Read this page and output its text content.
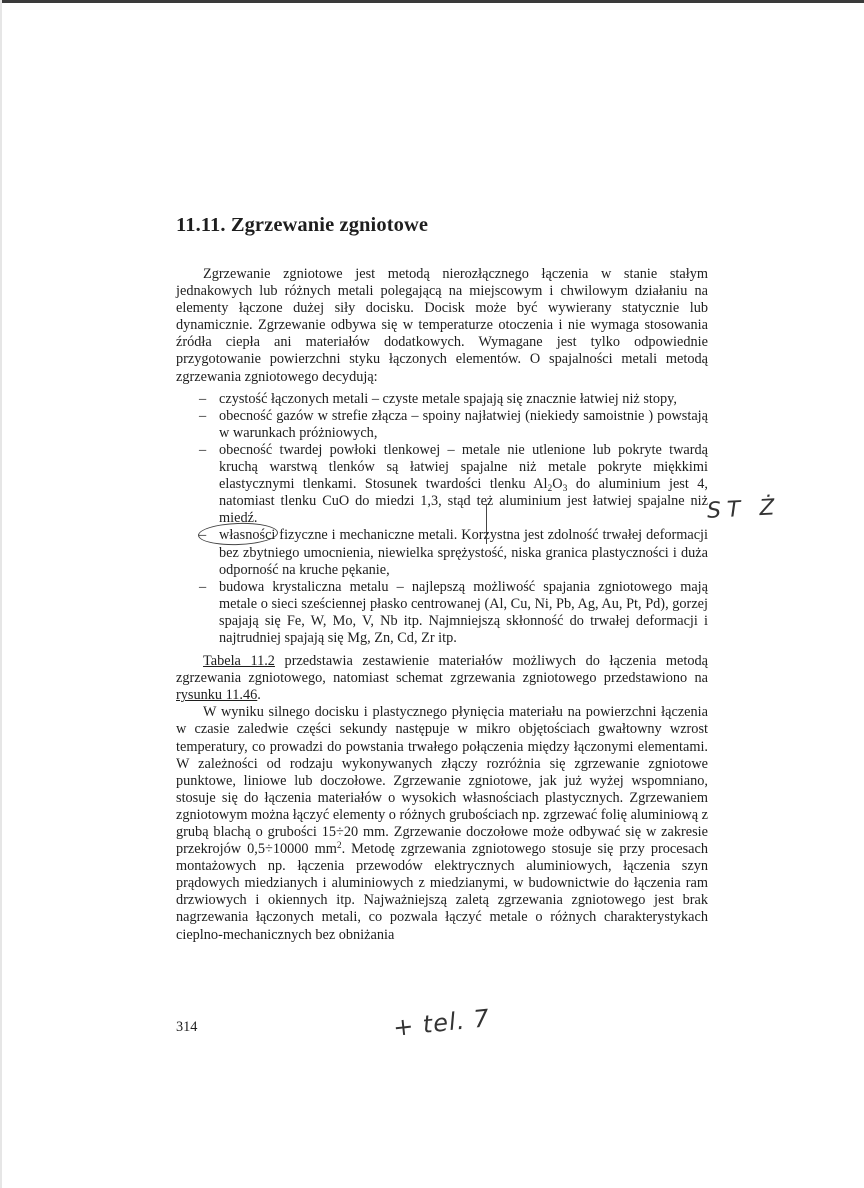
11.11. Zgrzewanie zgniotowe

Zgrzewanie zgniotowe jest metodą nierozłącznego łączenia w stanie stałym jednakowych lub różnych metali polegającą na miejscowym i chwilowym działaniu na elementy łączone dużej siły docisku. Docisk może być wywierany statycznie lub dynamicznie. Zgrzewanie odbywa się w temperaturze otoczenia i nie wymaga stosowania źródła ciepła ani materiałów dodatkowych. Wymagane jest tylko odpowiednie przygotowanie powierzchni styku łączonych elementów. O spajalności metali metodą zgrzewania zgniotowego decydują:

– czystość łączonych metali – czyste metale spajają się znacznie łatwiej niż stopy,
– obecność gazów w strefie złącza – spoiny najłatwiej (niekiedy samoistnie ) powstają w warunkach próżniowych,
– obecność twardej powłoki tlenkowej – metale nie utlenione lub pokryte twardą kruchą warstwą tlenków są łatwiej spajalne niż metale pokryte miękkimi elastycznymi tlenkami. Stosunek twardości tlenku $Al_2O_3$ do aluminium jest 4, natomiast tlenku CuO do miedzi 1,3, stąd też aluminium jest łatwiej spajalne niż miedź.
– własności fizyczne i mechaniczne metali. Korzystna jest zdolność trwałej deformacji bez zbytniego umocnienia, niewielka sprężystość, niska granica plastyczności i duża odporność na kruche pękanie,
– budowa krystaliczna metalu – najlepszą możliwość spajania zgniotowego mają metale o sieci sześciennej płasko centrowanej (Al, Cu, Ni, Pb, Ag, Au, Pt, Pd), gorzej spajają się Fe, W, Mo, V, Nb itp. Najmniejszą skłonność do trwałej deformacji i najtrudniej spajają się Mg, Zn, Cd, Zr itp.

Tabela 11.2 przedstawia zestawienie materiałów możliwych do łączenia metodą zgrzewania zgniotowego, natomiast schemat zgrzewania zgniotowego przedstawiono na rysunku 11.46.

W wyniku silnego docisku i plastycznego płynięcia materiału na powierzchni łączenia w czasie zaledwie części sekundy następuje w mikro objętościach gwałtowny wzrost temperatury, co prowadzi do powstania trwałego połączenia między łączonymi elementami. W zależności od rodzaju wykonywanych złączy rozróżnia się zgrzewanie zgniotowe punktowe, liniowe lub doczołowe. Zgrzewanie zgniotowe, jak już wyżej wspomniano, stosuje się do łączenia materiałów o wysokich własnościach plastycznych. Zgrzewaniem zgniotowym można łączyć elementy o różnych grubościach np. zgrzewać folię aluminiową z grubą blachą o grubości 15÷20 mm. Zgrzewanie doczołowe może odbywać się w zakresie przekrojów 0,5÷10000 $mm^2$. Metodę zgrzewania zgniotowego stosuje się przy procesach montażowych np. łączenia przewodów elektrycznych aluminiowych, łączenia szyn prądowych miedzianych i aluminiowych z miedzianymi, w budownictwie do łączenia ram drzwiowych i okiennych itp. Najważniejszą zaletą zgrzewania zgniotowego jest brak nagrzewania łączonych metali, co pozwala łączyć metale o różnych charakterystykach cieplno-mechanicznych bez obniżania

ST Ż
314	+ tel. 7
